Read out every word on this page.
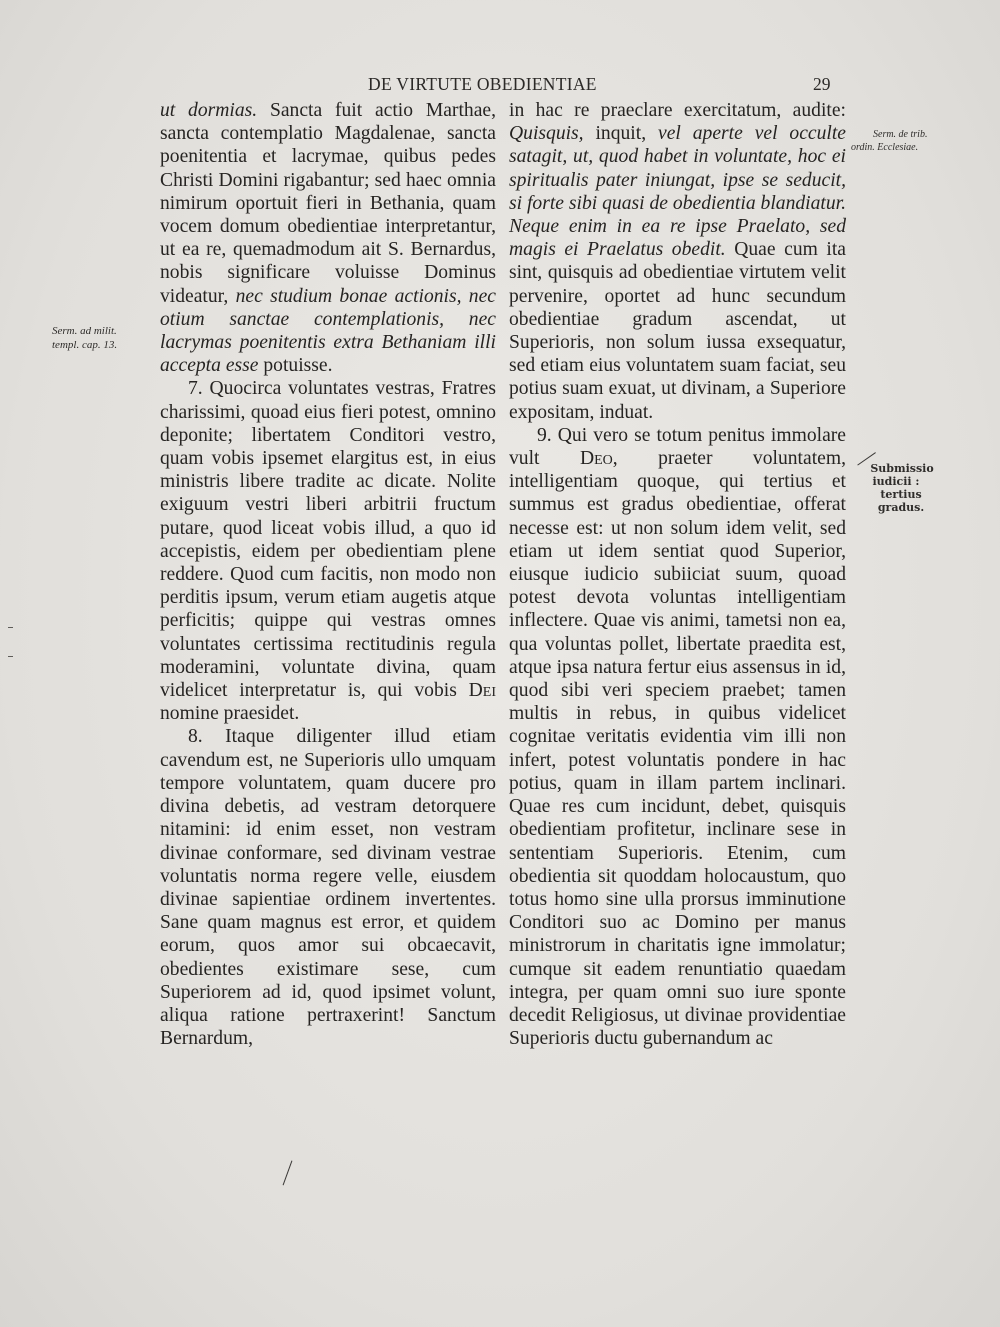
DE VIRTUTE OBEDIENTIAE	29
Serm. ad milit.
templ. cap. 13.
Serm. de trib.
ordin. Ecclesiae.
Submissio
iudicii :
tertius gradus.

ut dormias. Sancta fuit actio Marthae, sancta contemplatio Magdalenae, sancta poenitentia et lacrymae, quibus pedes Christi Domini rigabantur; sed haec omnia nimirum oportuit fieri in Bethania, quam vocem domum obedientiae interpretantur, ut ea re, quemadmodum ait S. Bernardus, nobis significare voluisse Dominus videatur, nec studium bonae actionis, nec otium sanctae contemplationis, nec lacrymas poenitentis extra Bethaniam illi accepta esse potuisse.

7. Quocirca voluntates vestras, Fratres charissimi, quoad eius fieri potest, omnino deponite; libertatem Conditori vestro, quam vobis ipsemet elargitus est, in eius ministris libere tradite ac dicate. Nolite exiguum vestri liberi arbitrii fructum putare, quod liceat vobis illud, a quo id accepistis, eidem per obedientiam plene reddere. Quod cum facitis, non modo non perditis ipsum, verum etiam augetis atque perficitis; quippe qui vestras omnes voluntates certissima rectitudinis regula moderamini, voluntate divina, quam videlicet interpretatur is, qui vobis Dei nomine praesidet.

8. Itaque diligenter illud etiam cavendum est, ne Superioris ullo umquam tempore voluntatem, quam ducere pro divina debetis, ad vestram detorquere nitamini: id enim esset, non vestram divinae conformare, sed divinam vestrae voluntatis norma regere velle, eiusdem divinae sapientiae ordinem invertentes. Sane quam magnus est error, et quidem eorum, quos amor sui obcaecavit, obedientes existimare sese, cum Superiorem ad id, quod ipsimet volunt, aliqua ratione pertraxerint! Sanctum Bernardum,

in hac re praeclare exercitatum, audite: Quisquis, inquit, vel aperte vel occulte satagit, ut, quod habet in voluntate, hoc ei spiritualis pater iniungat, ipse se seducit, si forte sibi quasi de obedientia blandiatur. Neque enim in ea re ipse Praelato, sed magis ei Praelatus obedit. Quae cum ita sint, quisquis ad obedientiae virtutem velit pervenire, oportet ad hunc secundum obedientiae gradum ascendat, ut Superioris, non solum iussa exsequatur, sed etiam eius voluntatem suam faciat, seu potius suam exuat, ut divinam, a Superiore expositam, induat.

9. Qui vero se totum penitus immolare vult Deo, praeter voluntatem, intelligentiam quoque, qui tertius et summus est gradus obedientiae, offerat necesse est: ut non solum idem velit, sed etiam ut idem sentiat quod Superior, eiusque iudicio subiiciat suum, quoad potest devota voluntas intelligentiam inflectere. Quae vis animi, tametsi non ea, qua voluntas pollet, libertate praedita est, atque ipsa natura fertur eius assensus in id, quod sibi veri speciem praebet; tamen multis in rebus, in quibus videlicet cognitae veritatis evidentia vim illi non infert, potest voluntatis pondere in hac potius, quam in illam partem inclinari. Quae res cum incidunt, debet, quisquis obedientiam profitetur, inclinare sese in sententiam Superioris. Etenim, cum obedientia sit quoddam holocaustum, quo totus homo sine ulla prorsus imminutione Conditori suo ac Domino per manus ministrorum in charitatis igne immolatur; cumque sit eadem renuntiatio quaedam integra, per quam omni suo iure sponte decedit Religiosus, ut divinae providentiae Superioris ductu gubernandum ac
